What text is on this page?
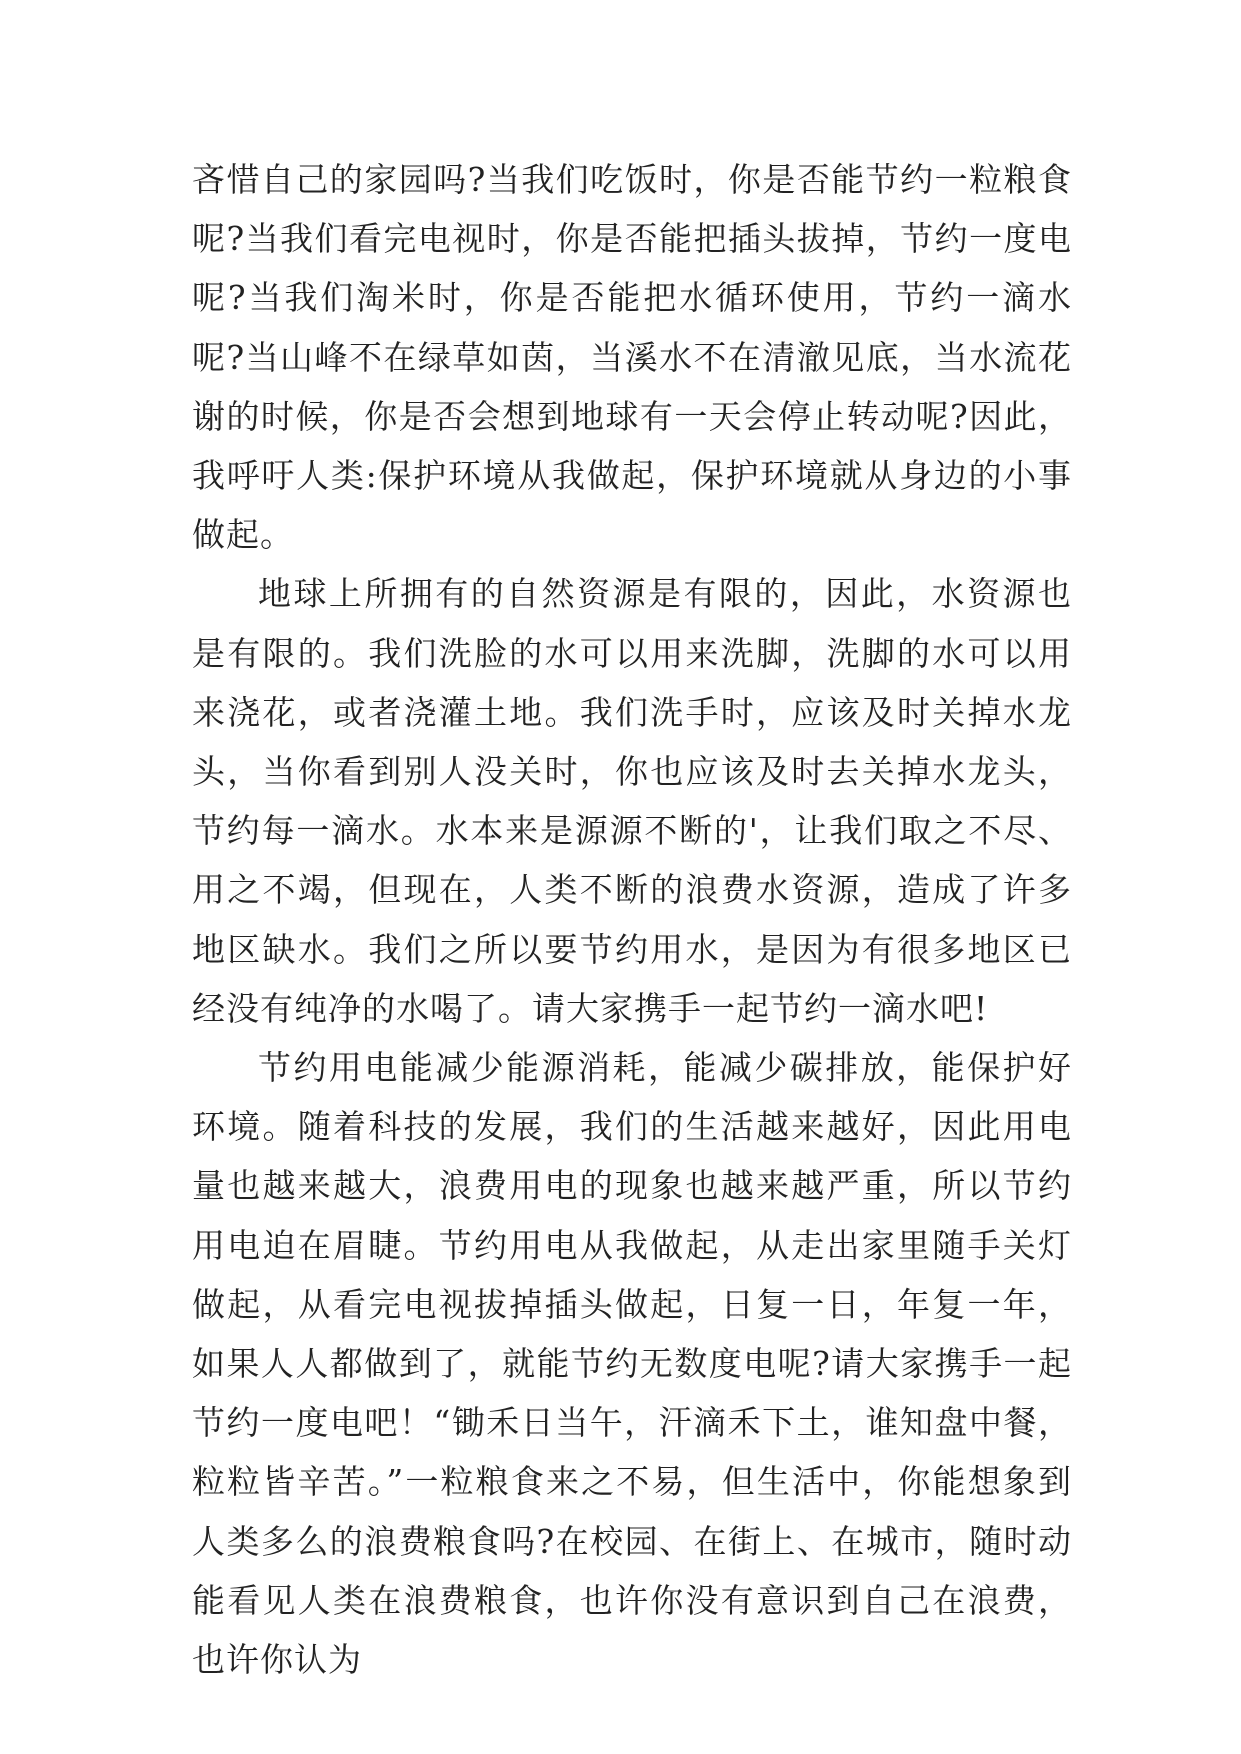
吝惜自己的家园吗?当我们吃饭时，你是否能节约一粒粮食呢?当我们看完电视时，你是否能把插头拔掉，节约一度电呢?当我们淘米时，你是否能把水循环使用，节约一滴水呢?当山峰不在绿草如茵，当溪水不在清澈见底，当水流花谢的时候，你是否会想到地球有一天会停止转动呢?因此，我呼吁人类:保护环境从我做起，保护环境就从身边的小事做起。

地球上所拥有的自然资源是有限的，因此，水资源也是有限的。我们洗脸的水可以用来洗脚，洗脚的水可以用来浇花，或者浇灌土地。我们洗手时，应该及时关掉水龙头，当你看到别人没关时，你也应该及时去关掉水龙头，节约每一滴水。水本来是源源不断的'，让我们取之不尽、用之不竭，但现在，人类不断的浪费水资源，造成了许多地区缺水。我们之所以要节约用水，是因为有很多地区已经没有纯净的水喝了。请大家携手一起节约一滴水吧!

节约用电能减少能源消耗，能减少碳排放，能保护好环境。随着科技的发展，我们的生活越来越好，因此用电量也越来越大，浪费用电的现象也越来越严重，所以节约用电迫在眉睫。节约用电从我做起，从走出家里随手关灯做起，从看完电视拔掉插头做起，日复一日，年复一年，如果人人都做到了，就能节约无数度电呢?请大家携手一起节约一度电吧！“锄禾日当午，汗滴禾下土，谁知盘中餐，粒粒皆辛苦。”一粒粮食来之不易，但生活中，你能想象到人类多么的浪费粮食吗?在校园、在街上、在城市，随时动能看见人类在浪费粮食，也许你没有意识到自己在浪费，也许你认为
